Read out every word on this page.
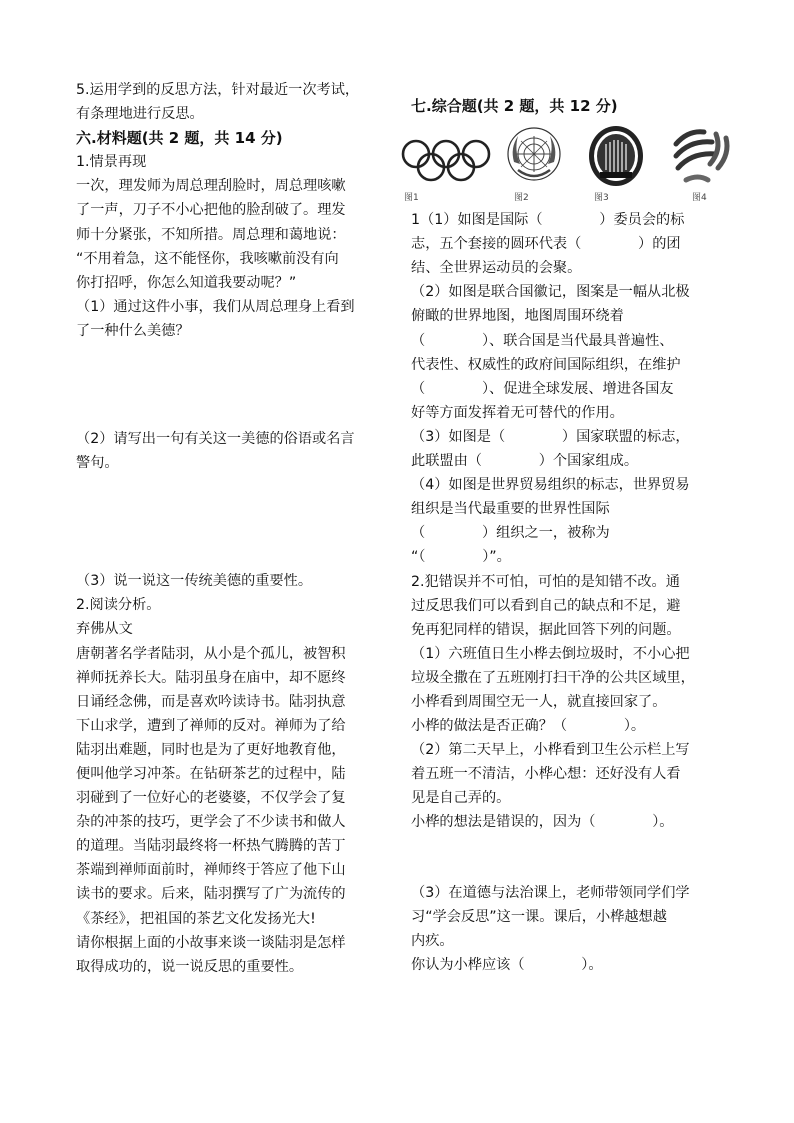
5.运用学到的反思方法，针对最近一次考试，

有条理地进行反思。

六.材料题(共 2 题，共 14 分)

1.情景再现

一次，理发师为周总理刮脸时，周总理咳嗽

了一声，刀子不小心把他的脸刮破了。理发

师十分紧张，不知所措。周总理和蔼地说：

“不用着急，这不能怪你，我咳嗽前没有向

你打招呼，你怎么知道我要动呢？”

（1）通过这件小事，我们从周总理身上看到

了一种什么美德？

（2）请写出一句有关这一美德的俗语或名言

警句。

（3）说一说这一传统美德的重要性。

2.阅读分析。

弃佛从文

唐朝著名学者陆羽，从小是个孤儿，被智积

禅师抚养长大。陆羽虽身在庙中，却不愿终

日诵经念佛，而是喜欢吟读诗书。陆羽执意

下山求学，遭到了禅师的反对。禅师为了给

陆羽出难题，同时也是为了更好地教育他，

便叫他学习冲茶。在钻研茶艺的过程中，陆

羽碰到了一位好心的老婆婆，不仅学会了复

杂的冲茶的技巧，更学会了不少读书和做人

的道理。当陆羽最终将一杯热气腾腾的苦丁

茶端到禅师面前时，禅师终于答应了他下山

读书的要求。后来，陆羽撰写了广为流传的

《茶经》，把祖国的茶艺文化发扬光大!

请你根据上面的小故事来谈一谈陆羽是怎样

取得成功的，说一说反思的重要性。

七.综合题(共 2 题，共 12 分)

图1	图2	图3	图4

1（1）如图是国际（　　　　）委员会的标

志，五个套接的圆环代表（　　　　）的团

结、全世界运动员的会聚。

（2）如图是联合国徽记，图案是一幅从北极

俯瞰的世界地图，地图周围环绕着

（　　　　）、联合国是当代最具普遍性、

代表性、权威性的政府间国际组织，在维护

（　　　　）、促进全球发展、增进各国友

好等方面发挥着无可替代的作用。

（3）如图是（　　　　）国家联盟的标志，

此联盟由（　　　　）个国家组成。

（4）如图是世界贸易组织的标志，世界贸易

组织是当代最重要的世界性国际

（　　　　）组织之一，被称为

“（　　　　）”。

2.犯错误并不可怕，可怕的是知错不改。通

过反思我们可以看到自己的缺点和不足，避

免再犯同样的错误，据此回答下列的问题。

（1）六班值日生小桦去倒垃圾时，不小心把

垃圾全撒在了五班刚打扫干净的公共区域里，

小桦看到周围空无一人，就直接回家了。

小桦的做法是否正确？（　　　　）。

（2）第二天早上，小桦看到卫生公示栏上写

着五班一不清洁，小桦心想：还好没有人看

见是自己弄的。

小桦的想法是错误的，因为（　　　　）。

（3）在道德与法治课上，老师带领同学们学

习“学会反思”这一课。课后，小桦越想越

内疚。

你认为小桦应该（　　　　）。
